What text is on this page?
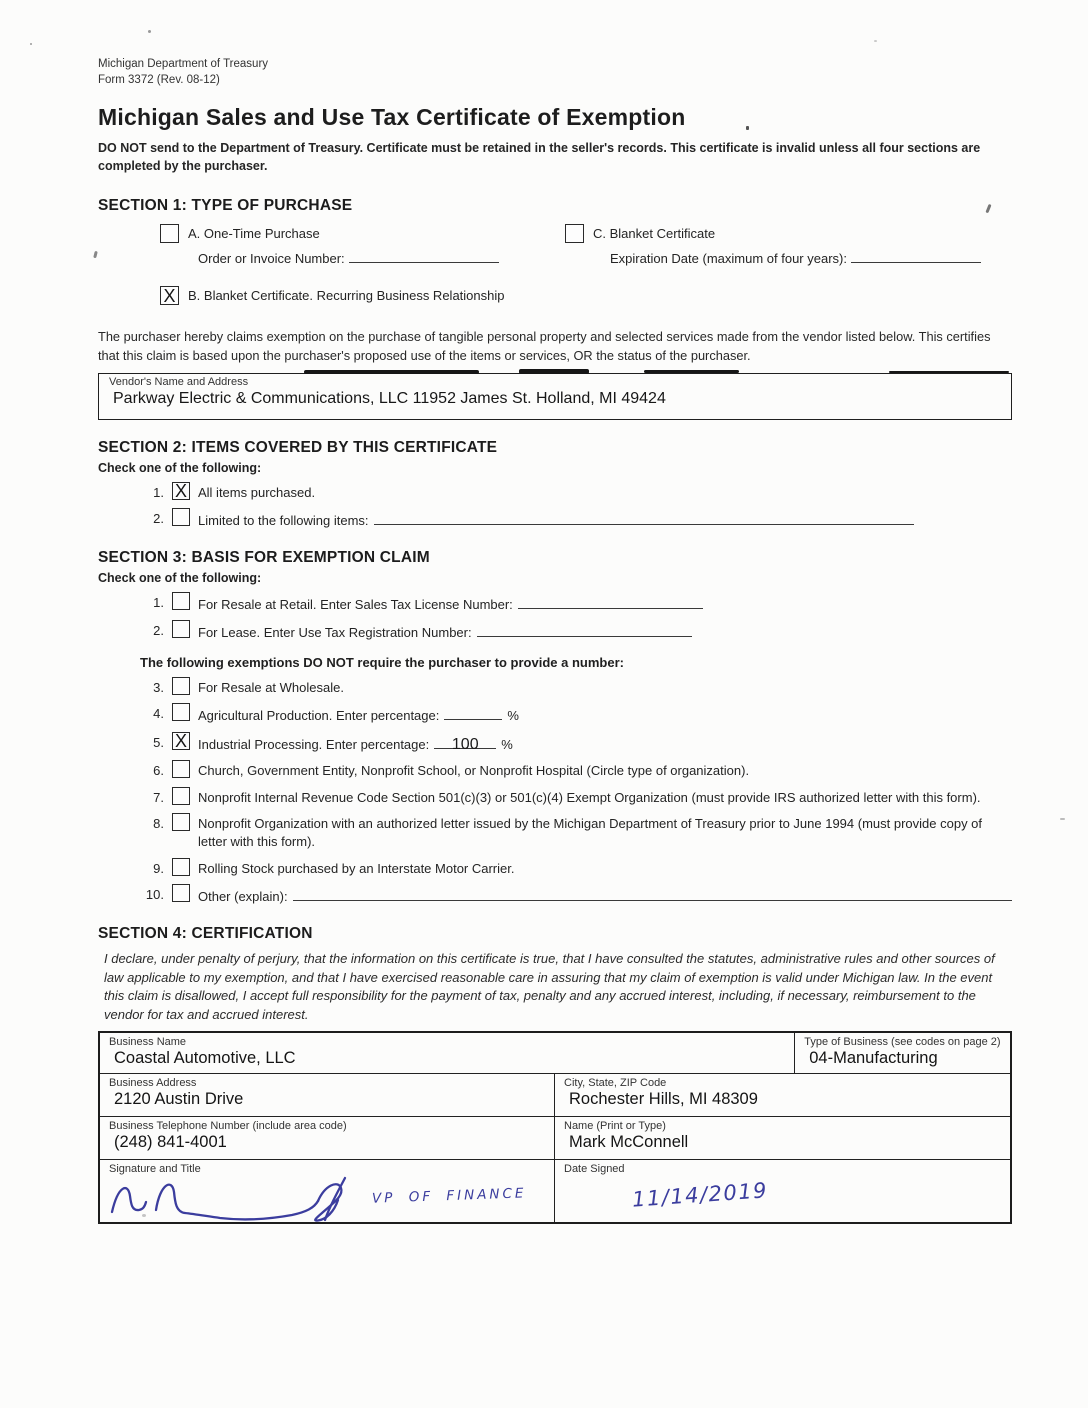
Michigan Department of Treasury
Form 3372 (Rev. 08-12)
Michigan Sales and Use Tax Certificate of Exemption
DO NOT send to the Department of Treasury. Certificate must be retained in the seller's records. This certificate is invalid unless all four sections are completed by the purchaser.
SECTION 1: TYPE OF PURCHASE
A. One-Time Purchase	C. Blanket Certificate
Order or Invoice Number:	Expiration Date (maximum of four years):
X B. Blanket Certificate. Recurring Business Relationship
The purchaser hereby claims exemption on the purchase of tangible personal property and selected services made from the vendor listed below. This certifies that this claim is based upon the purchaser's proposed use of the items or services, OR the status of the purchaser.
Vendor's Name and Address
Parkway Electric & Communications, LLC 11952 James St. Holland, MI 49424
SECTION 2: ITEMS COVERED BY THIS CERTIFICATE
Check one of the following:
1. X All items purchased.
2.	Limited to the following items:
SECTION 3: BASIS FOR EXEMPTION CLAIM
Check one of the following:
1.	For Resale at Retail. Enter Sales Tax License Number:
2.	For Lease. Enter Use Tax Registration Number:
The following exemptions DO NOT require the purchaser to provide a number:
3.	For Resale at Wholesale.
4.	Agricultural Production. Enter percentage:	%
5. X Industrial Processing. Enter percentage:	100	%
6.	Church, Government Entity, Nonprofit School, or Nonprofit Hospital (Circle type of organization).
7.	Nonprofit Internal Revenue Code Section 501(c)(3) or 501(c)(4) Exempt Organization (must provide IRS authorized letter with this form).
8.	Nonprofit Organization with an authorized letter issued by the Michigan Department of Treasury prior to June 1994 (must provide copy of letter with this form).
9.	Rolling Stock purchased by an Interstate Motor Carrier.
10.	Other (explain):
SECTION 4: CERTIFICATION
I declare, under penalty of perjury, that the information on this certificate is true, that I have consulted the statutes, administrative rules and other sources of law applicable to my exemption, and that I have exercised reasonable care in assuring that my claim of exemption is valid under Michigan law. In the event this claim is disallowed, I accept full responsibility for the payment of tax, penalty and any accrued interest, including, if necessary, reimbursement to the vendor for tax and accrued interest.
Business Name
Coastal Automotive, LLC
Type of Business (see codes on page 2)
04-Manufacturing
Business Address
2120 Austin Drive
City, State, ZIP Code
Rochester Hills, MI 48309
Business Telephone Number (include area code)
(248) 841-4001
Name (Print or Type)
Mark McConnell
Signature and Title
VP OF FINANCE
Date Signed
11/14/2019
